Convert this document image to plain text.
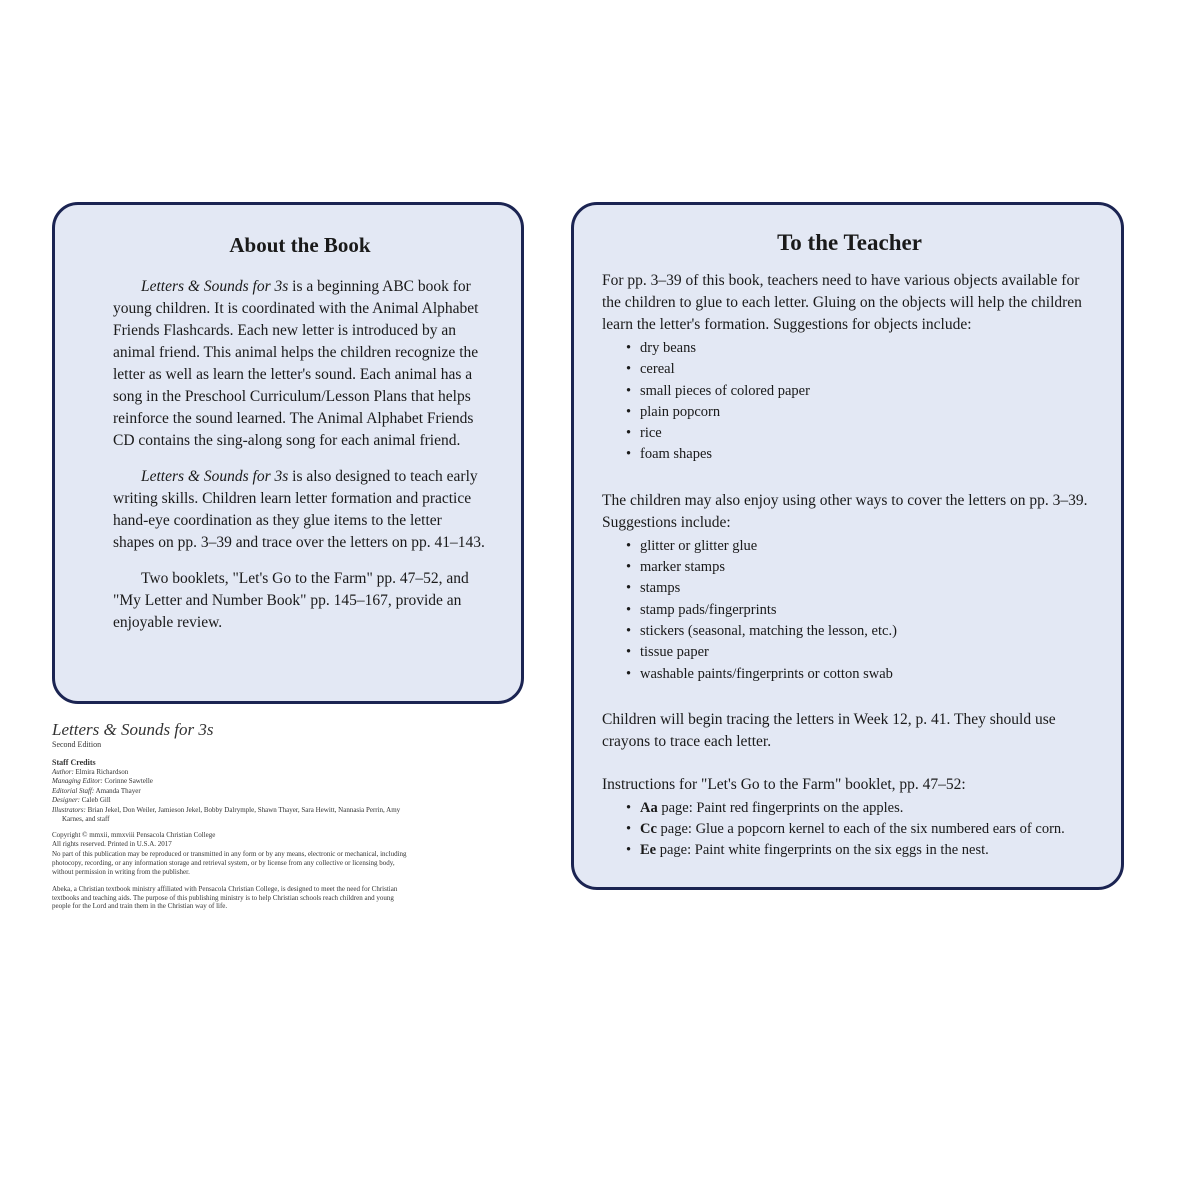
About the Book

Letters & Sounds for 3s is a beginning ABC book for young children. It is coordinated with the Animal Alphabet Friends Flashcards. Each new letter is introduced by an animal friend. This animal helps the children recognize the letter as well as learn the letter's sound. Each animal has a song in the Preschool Curriculum/Lesson Plans that helps reinforce the sound learned. The Animal Alphabet Friends CD contains the sing-along song for each animal friend.

Letters & Sounds for 3s is also designed to teach early writing skills. Children learn letter formation and practice hand-eye coordination as they glue items to the letter shapes on pp. 3–39 and trace over the letters on pp. 41–143.

Two booklets, "Let's Go to the Farm" pp. 47–52, and "My Letter and Number Book" pp. 145–167, provide an enjoyable review.

To the Teacher

For pp. 3–39 of this book, teachers need to have various objects available for the children to glue to each letter. Gluing on the objects will help the children learn the letter's formation. Suggestions for objects include:

• dry beans
• cereal
• small pieces of colored paper
• plain popcorn
• rice
• foam shapes

The children may also enjoy using other ways to cover the letters on pp. 3–39. Suggestions include:

• glitter or glitter glue
• marker stamps
• stamps
• stamp pads/fingerprints
• stickers (seasonal, matching the lesson, etc.)
• tissue paper
• washable paints/fingerprints or cotton swab

Children will begin tracing the letters in Week 12, p. 41. They should use crayons to trace each letter.

Instructions for "Let's Go to the Farm" booklet, pp. 47–52:

• Aa page: Paint red fingerprints on the apples.
• Cc page: Glue a popcorn kernel to each of the six numbered ears of corn.
• Ee page: Paint white fingerprints on the six eggs in the nest.
Letters & Sounds for 3s
Second Edition
Staff Credits
Author: Elmira Richardson
Managing Editor: Corinne Sawtelle
Editorial Staff: Amanda Thayer
Designer: Caleb Gill
Illustrators: Brian Jekel, Don Weiler, Jamieson Jekel, Bobby Dalrymple, Shawn Thayer, Sara Hewitt, Nannasia Perrin, Amy Karnes, and staff
Copyright © mmxii, mmxviii Pensacola Christian College
All rights reserved. Printed in U.S.A. 2017
No part of this publication may be reproduced or transmitted in any form or by any means, electronic or mechanical, including photocopy, recording, or any information storage and retrieval system, or by license from any collective or licensing body, without permission in writing from the publisher.
Abeka, a Christian textbook ministry affiliated with Pensacola Christian College, is designed to meet the need for Christian textbooks and teaching aids. The purpose of this publishing ministry is to help Christian schools reach children and young people for the Lord and train them in the Christian way of life.
